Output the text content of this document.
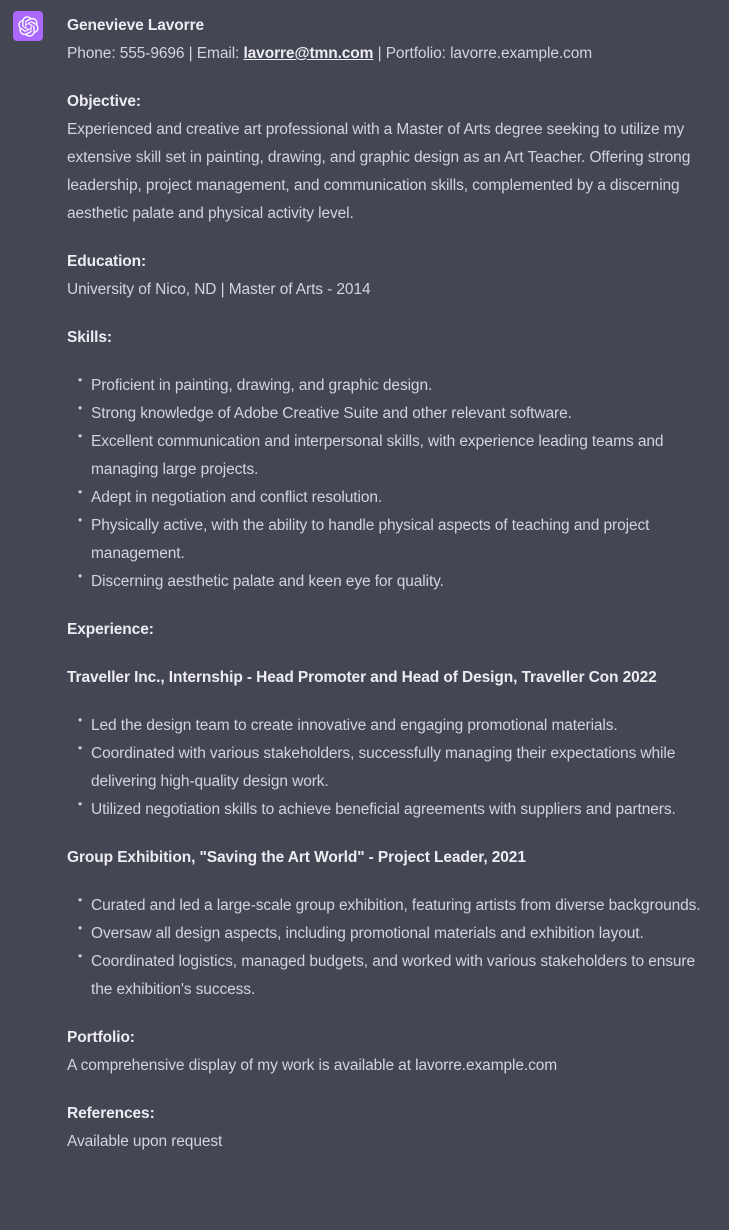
Genevieve Lavorre
Phone: 555-9696 | Email: lavorre@tmn.com | Portfolio: lavorre.example.com

Objective:
Experienced and creative art professional with a Master of Arts degree seeking to utilize my extensive skill set in painting, drawing, and graphic design as an Art Teacher. Offering strong leadership, project management, and communication skills, complemented by a discerning aesthetic palate and physical activity level.

Education:
University of Nico, ND | Master of Arts - 2014

Skills:

• Proficient in painting, drawing, and graphic design.
• Strong knowledge of Adobe Creative Suite and other relevant software.
• Excellent communication and interpersonal skills, with experience leading teams and managing large projects.
• Adept in negotiation and conflict resolution.
• Physically active, with the ability to handle physical aspects of teaching and project management.
• Discerning aesthetic palate and keen eye for quality.

Experience:

Traveller Inc., Internship - Head Promoter and Head of Design, Traveller Con 2022

• Led the design team to create innovative and engaging promotional materials.
• Coordinated with various stakeholders, successfully managing their expectations while delivering high-quality design work.
• Utilized negotiation skills to achieve beneficial agreements with suppliers and partners.

Group Exhibition, "Saving the Art World" - Project Leader, 2021

• Curated and led a large-scale group exhibition, featuring artists from diverse backgrounds.
• Oversaw all design aspects, including promotional materials and exhibition layout.
• Coordinated logistics, managed budgets, and worked with various stakeholders to ensure the exhibition's success.

Portfolio:
A comprehensive display of my work is available at lavorre.example.com

References:
Available upon request
